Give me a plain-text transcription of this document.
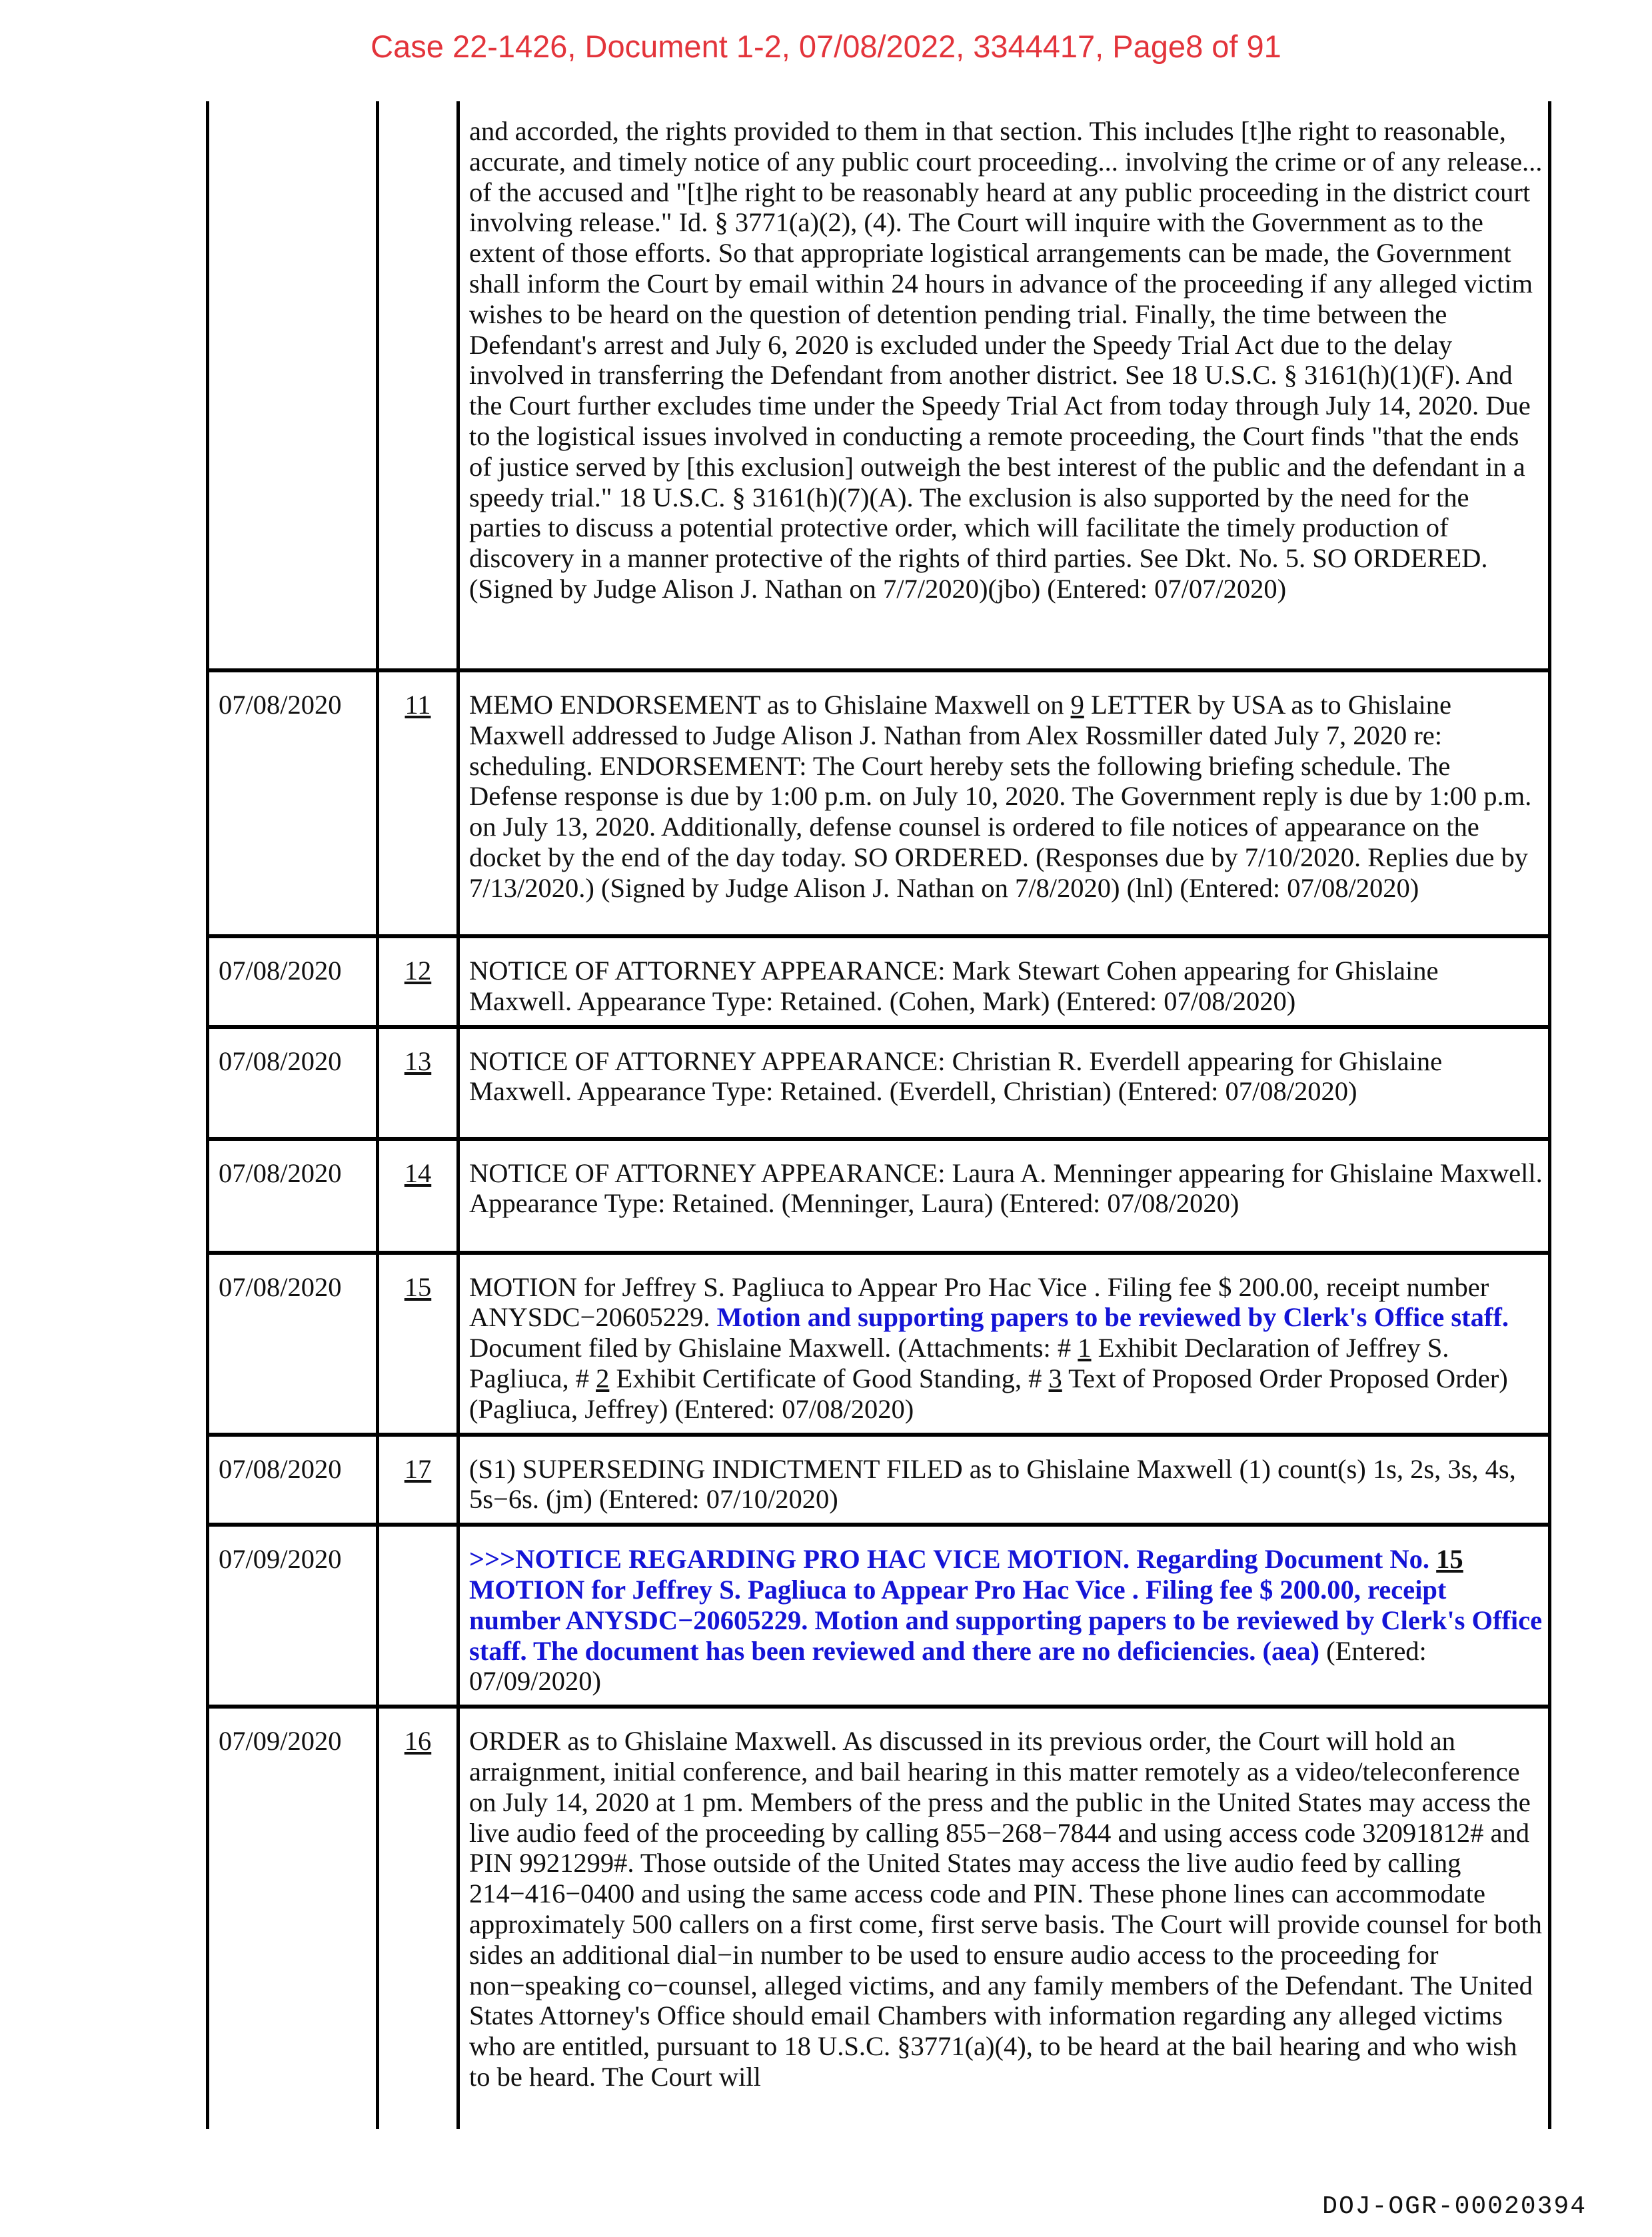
Case 22-1426, Document 1-2, 07/08/2022, 3344417, Page8 of 91
		and accorded, the rights provided to them in that section. This includes [t]he right to reasonable, accurate, and timely notice of any public court proceeding... involving the crime or of any release... of the accused and "[t]he right to be reasonably heard at any public proceeding in the district court involving release." Id. § 3771(a)(2), (4). The Court will inquire with the Government as to the extent of those efforts. So that appropriate logistical arrangements can be made, the Government shall inform the Court by email within 24 hours in advance of the proceeding if any alleged victim wishes to be heard on the question of detention pending trial. Finally, the time between the Defendant's arrest and July 6, 2020 is excluded under the Speedy Trial Act due to the delay involved in transferring the Defendant from another district. See 18 U.S.C. § 3161(h)(1)(F). And the Court further excludes time under the Speedy Trial Act from today through July 14, 2020. Due to the logistical issues involved in conducting a remote proceeding, the Court finds "that the ends of justice served by [this exclusion] outweigh the best interest of the public and the defendant in a speedy trial." 18 U.S.C. § 3161(h)(7)(A). The exclusion is also supported by the need for the parties to discuss a potential protective order, which will facilitate the timely production of discovery in a manner protective of the rights of third parties. See Dkt. No. 5. SO ORDERED. (Signed by Judge Alison J. Nathan on 7/7/2020)(jbo) (Entered: 07/07/2020)
07/08/2020	11	MEMO ENDORSEMENT as to Ghislaine Maxwell on 9 LETTER by USA as to Ghislaine Maxwell addressed to Judge Alison J. Nathan from Alex Rossmiller dated July 7, 2020 re: scheduling. ENDORSEMENT: The Court hereby sets the following briefing schedule. The Defense response is due by 1:00 p.m. on July 10, 2020. The Government reply is due by 1:00 p.m. on July 13, 2020. Additionally, defense counsel is ordered to file notices of appearance on the docket by the end of the day today. SO ORDERED. (Responses due by 7/10/2020. Replies due by 7/13/2020.) (Signed by Judge Alison J. Nathan on 7/8/2020) (lnl) (Entered: 07/08/2020)
07/08/2020	12	NOTICE OF ATTORNEY APPEARANCE: Mark Stewart Cohen appearing for Ghislaine Maxwell. Appearance Type: Retained. (Cohen, Mark) (Entered: 07/08/2020)
07/08/2020	13	NOTICE OF ATTORNEY APPEARANCE: Christian R. Everdell appearing for Ghislaine Maxwell. Appearance Type: Retained. (Everdell, Christian) (Entered: 07/08/2020)
07/08/2020	14	NOTICE OF ATTORNEY APPEARANCE: Laura A. Menninger appearing for Ghislaine Maxwell. Appearance Type: Retained. (Menninger, Laura) (Entered: 07/08/2020)
07/08/2020	15	MOTION for Jeffrey S. Pagliuca to Appear Pro Hac Vice . Filing fee $ 200.00, receipt number ANYSDC−20605229. Motion and supporting papers to be reviewed by Clerk's Office staff. Document filed by Ghislaine Maxwell. (Attachments: # 1 Exhibit Declaration of Jeffrey S. Pagliuca, # 2 Exhibit Certificate of Good Standing, # 3 Text of Proposed Order Proposed Order)(Pagliuca, Jeffrey) (Entered: 07/08/2020)
07/08/2020	17	(S1) SUPERSEDING INDICTMENT FILED as to Ghislaine Maxwell (1) count(s) 1s, 2s, 3s, 4s, 5s−6s. (jm) (Entered: 07/10/2020)
07/09/2020		>>>NOTICE REGARDING PRO HAC VICE MOTION. Regarding Document No. 15 MOTION for Jeffrey S. Pagliuca to Appear Pro Hac Vice . Filing fee $ 200.00, receipt number ANYSDC−20605229. Motion and supporting papers to be reviewed by Clerk's Office staff. The document has been reviewed and there are no deficiencies. (aea) (Entered: 07/09/2020)
07/09/2020	16	ORDER as to Ghislaine Maxwell. As discussed in its previous order, the Court will hold an arraignment, initial conference, and bail hearing in this matter remotely as a video/teleconference on July 14, 2020 at 1 pm. Members of the press and the public in the United States may access the live audio feed of the proceeding by calling 855−268−7844 and using access code 32091812# and PIN 9921299#. Those outside of the United States may access the live audio feed by calling 214−416−0400 and using the same access code and PIN. These phone lines can accommodate approximately 500 callers on a first come, first serve basis. The Court will provide counsel for both sides an additional dial−in number to be used to ensure audio access to the proceeding for non−speaking co−counsel, alleged victims, and any family members of the Defendant. The United States Attorney's Office should email Chambers with information regarding any alleged victims who are entitled, pursuant to 18 U.S.C. §3771(a)(4), to be heard at the bail hearing and who wish to be heard. The Court will
DOJ-OGR-00020394
